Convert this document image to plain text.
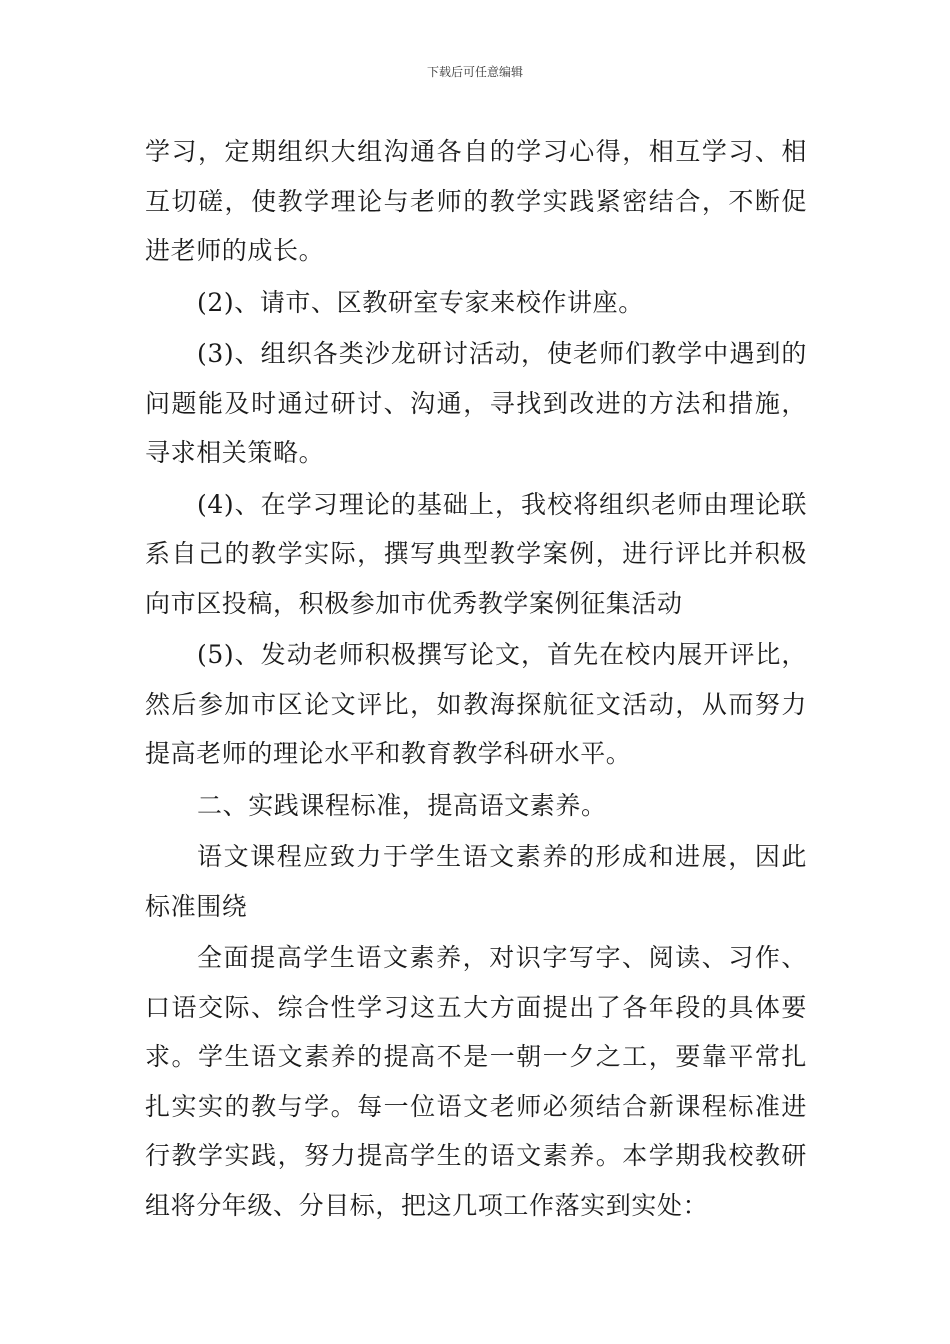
下载后可任意编辑

学习，定期组织大组沟通各自的学习心得，相互学习、相互切磋，使教学理论与老师的教学实践紧密结合，不断促进老师的成长。

(2)、请市、区教研室专家来校作讲座。

(3)、组织各类沙龙研讨活动，使老师们教学中遇到的问题能及时通过研讨、沟通，寻找到改进的方法和措施，寻求相关策略。

(4)、在学习理论的基础上，我校将组织老师由理论联系自己的教学实际，撰写典型教学案例，进行评比并积极向市区投稿，积极参加市优秀教学案例征集活动

(5)、发动老师积极撰写论文，首先在校内展开评比，然后参加市区论文评比，如教海探航征文活动，从而努力提高老师的理论水平和教育教学科研水平。

二、实践课程标准，提高语文素养。

语文课程应致力于学生语文素养的形成和进展，因此标准围绕

全面提高学生语文素养，对识字写字、阅读、习作、口语交际、综合性学习这五大方面提出了各年段的具体要求。学生语文素养的提高不是一朝一夕之工，要靠平常扎扎实实的教与学。每一位语文老师必须结合新课程标准进行教学实践，努力提高学生的语文素养。本学期我校教研组将分年级、分目标，把这几项工作落实到实处：
